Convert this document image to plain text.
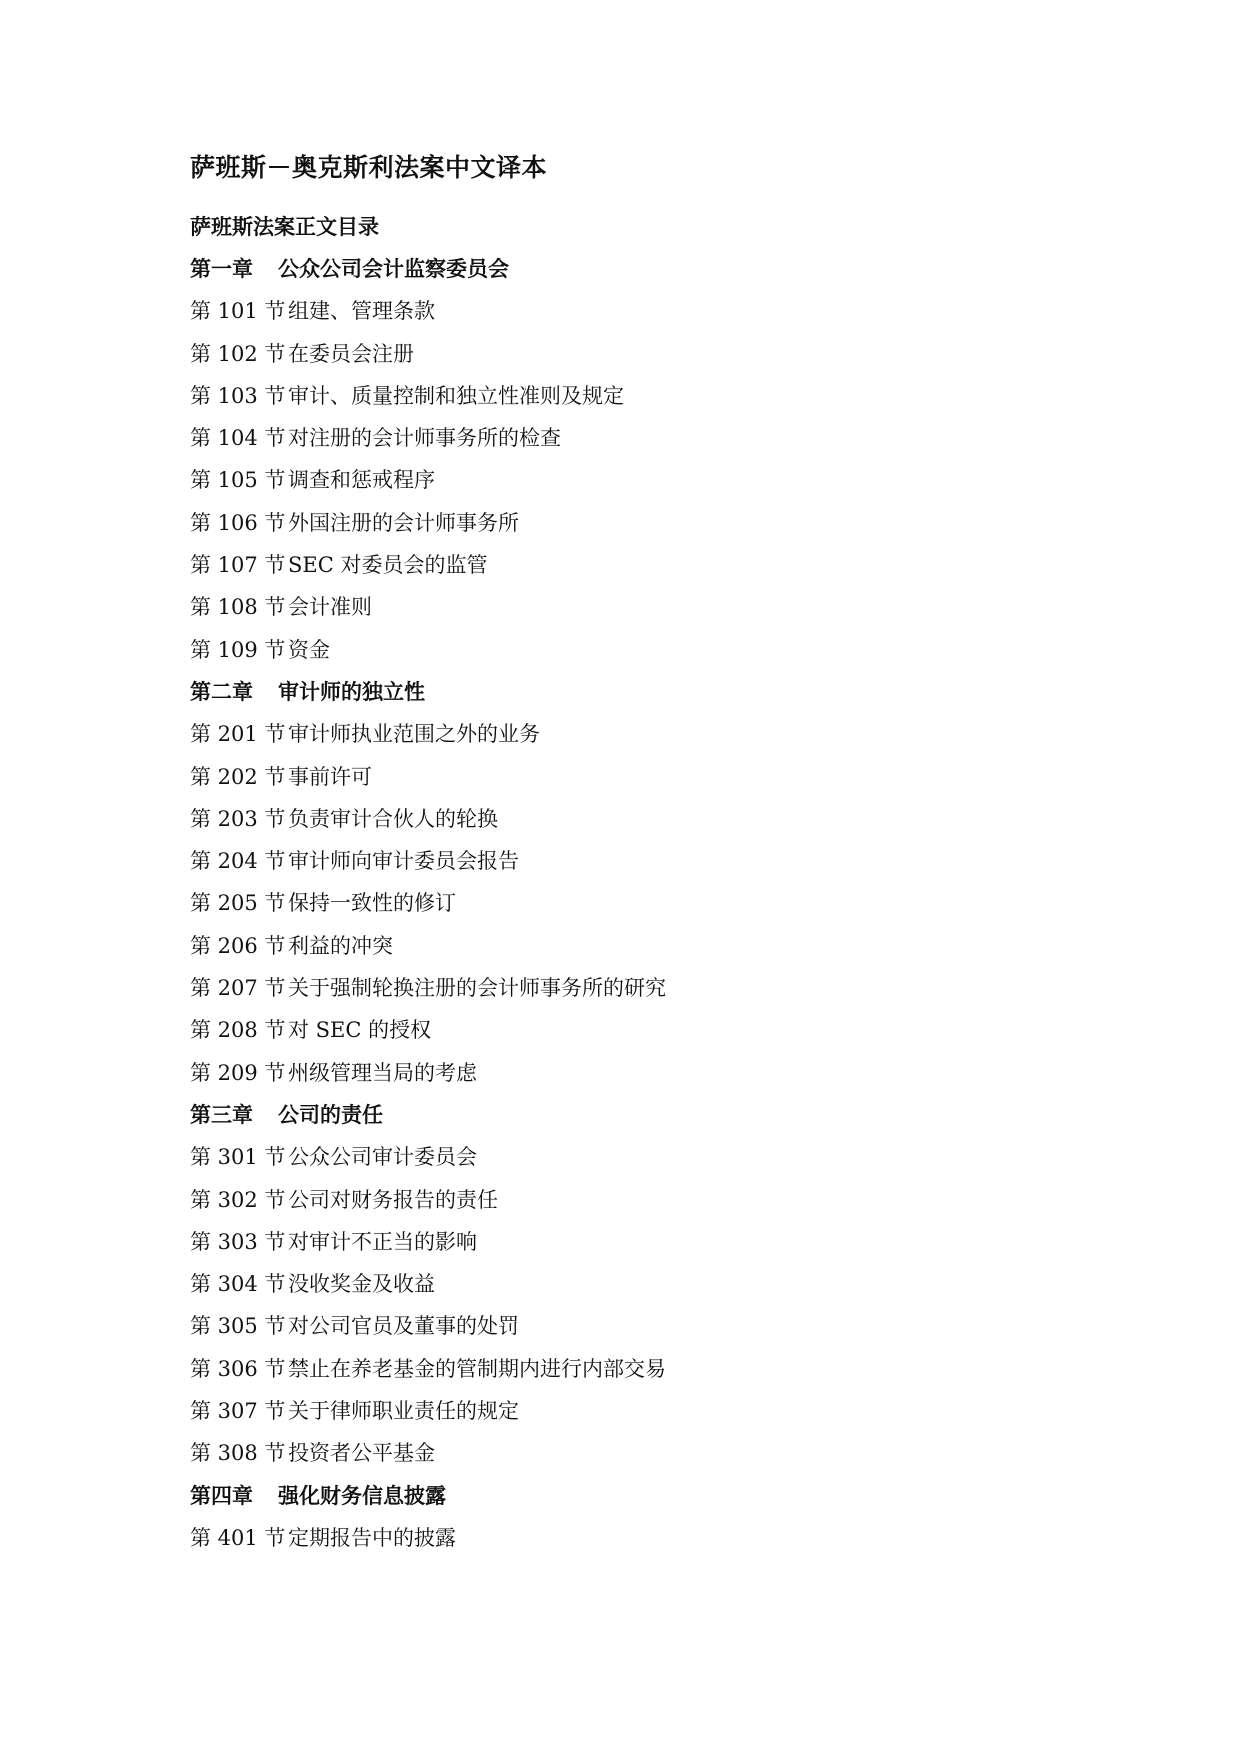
萨班斯－奥克斯利法案中文译本
萨班斯法案正文目录
第一章 公众公司会计监察委员会
第 101 节 组建、管理条款
第 102 节 在委员会注册
第 103 节 审计、质量控制和独立性准则及规定
第 104 节 对注册的会计师事务所的检查
第 105 节 调查和惩戒程序
第 106 节 外国注册的会计师事务所
第 107 节 SEC 对委员会的监管
第 108 节 会计准则
第 109 节 资金
第二章 审计师的独立性
第 201 节 审计师执业范围之外的业务
第 202 节 事前许可
第 203 节 负责审计合伙人的轮换
第 204 节 审计师向审计委员会报告
第 205 节 保持一致性的修订
第 206 节 利益的冲突
第 207 节 关于强制轮换注册的会计师事务所的研究
第 208 节 对 SEC 的授权
第 209 节 州级管理当局的考虑
第三章 公司的责任
第 301 节 公众公司审计委员会
第 302 节 公司对财务报告的责任
第 303 节 对审计不正当的影响
第 304 节 没收奖金及收益
第 305 节 对公司官员及董事的处罚
第 306 节 禁止在养老基金的管制期内进行内部交易
第 307 节 关于律师职业责任的规定
第 308 节 投资者公平基金
第四章 强化财务信息披露
第 401 节 定期报告中的披露
